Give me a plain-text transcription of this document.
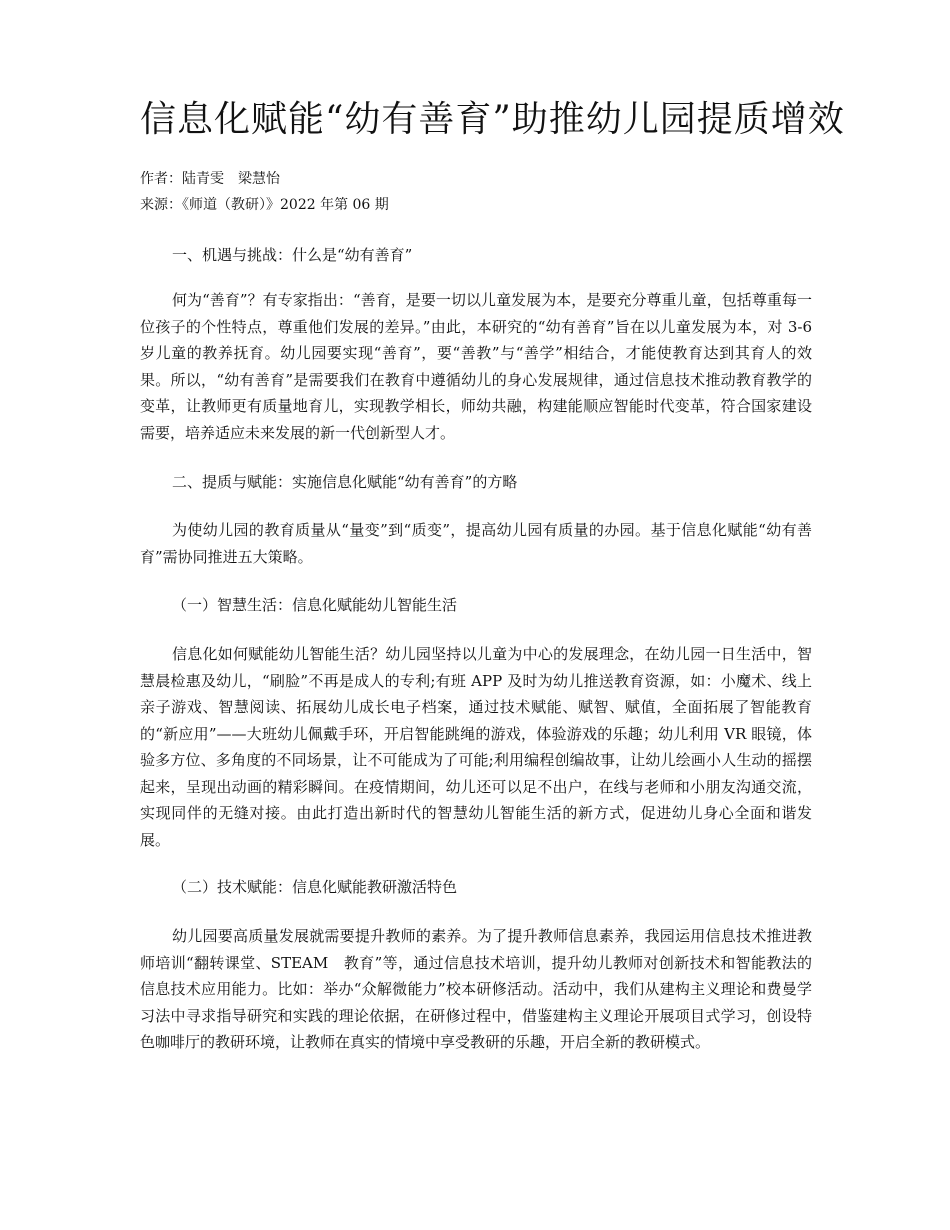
信息化赋能“幼有善育”助推幼儿园提质增效
作者：陆青雯　梁慧怡
来源：《师道（教研）》2022 年第 06 期
一、机遇与挑战：什么是“幼有善育”

何为“善育”？有专家指出：“善育，是要一切以儿童发展为本，是要充分尊重儿童，包括尊重每一位孩子的个性特点，尊重他们发展的差异。”由此，本研究的“幼有善育”旨在以儿童发展为本，对 3-6岁儿童的教养抚育。幼儿园要实现“善育”，要“善教”与“善学”相结合，才能使教育达到其育人的效果。所以，“幼有善育”是需要我们在教育中遵循幼儿的身心发展规律，通过信息技术推动教育教学的变革，让教师更有质量地育儿，实现教学相长，师幼共融，构建能顺应智能时代变革，符合国家建设需要，培养适应未来发展的新一代创新型人才。

二、提质与赋能：实施信息化赋能“幼有善育”的方略

为使幼儿园的教育质量从“量变”到“质变”，提高幼儿园有质量的办园。基于信息化赋能“幼有善育”需协同推进五大策略。

（一）智慧生活：信息化赋能幼儿智能生活

信息化如何赋能幼儿智能生活？幼儿园坚持以儿童为中心的发展理念，在幼儿园一日生活中，智慧晨检惠及幼儿，“刷脸”不再是成人的专利;有班 APP 及时为幼儿推送教育资源，如：小魔术、线上亲子游戏、智慧阅读、拓展幼儿成长电子档案，通过技术赋能、赋智、赋值，全面拓展了智能教育的“新应用”——大班幼儿佩戴手环，开启智能跳绳的游戏，体验游戏的乐趣；幼儿利用 VR 眼镜，体验多方位、多角度的不同场景，让不可能成为了可能;利用编程创编故事，让幼儿绘画小人生动的摇摆起来，呈现出动画的精彩瞬间。在疫情期间，幼儿还可以足不出户，在线与老师和小朋友沟通交流，实现同伴的无缝对接。由此打造出新时代的智慧幼儿智能生活的新方式，促进幼儿身心全面和谐发展。

（二）技术赋能：信息化赋能教研激活特色

幼儿园要高质量发展就需要提升教师的素养。为了提升教师信息素养，我园运用信息技术推进教师培训“翻转课堂、STEAM　教育”等，通过信息技术培训，提升幼儿教师对创新技术和智能教法的信息技术应用能力。比如：举办“众解微能力”校本研修活动。活动中，我们从建构主义理论和费曼学习法中寻求指导研究和实践的理论依据，在研修过程中，借鉴建构主义理论开展项目式学习，创设特色咖啡厅的教研环境，让教师在真实的情境中享受教研的乐趣，开启全新的教研模式。
